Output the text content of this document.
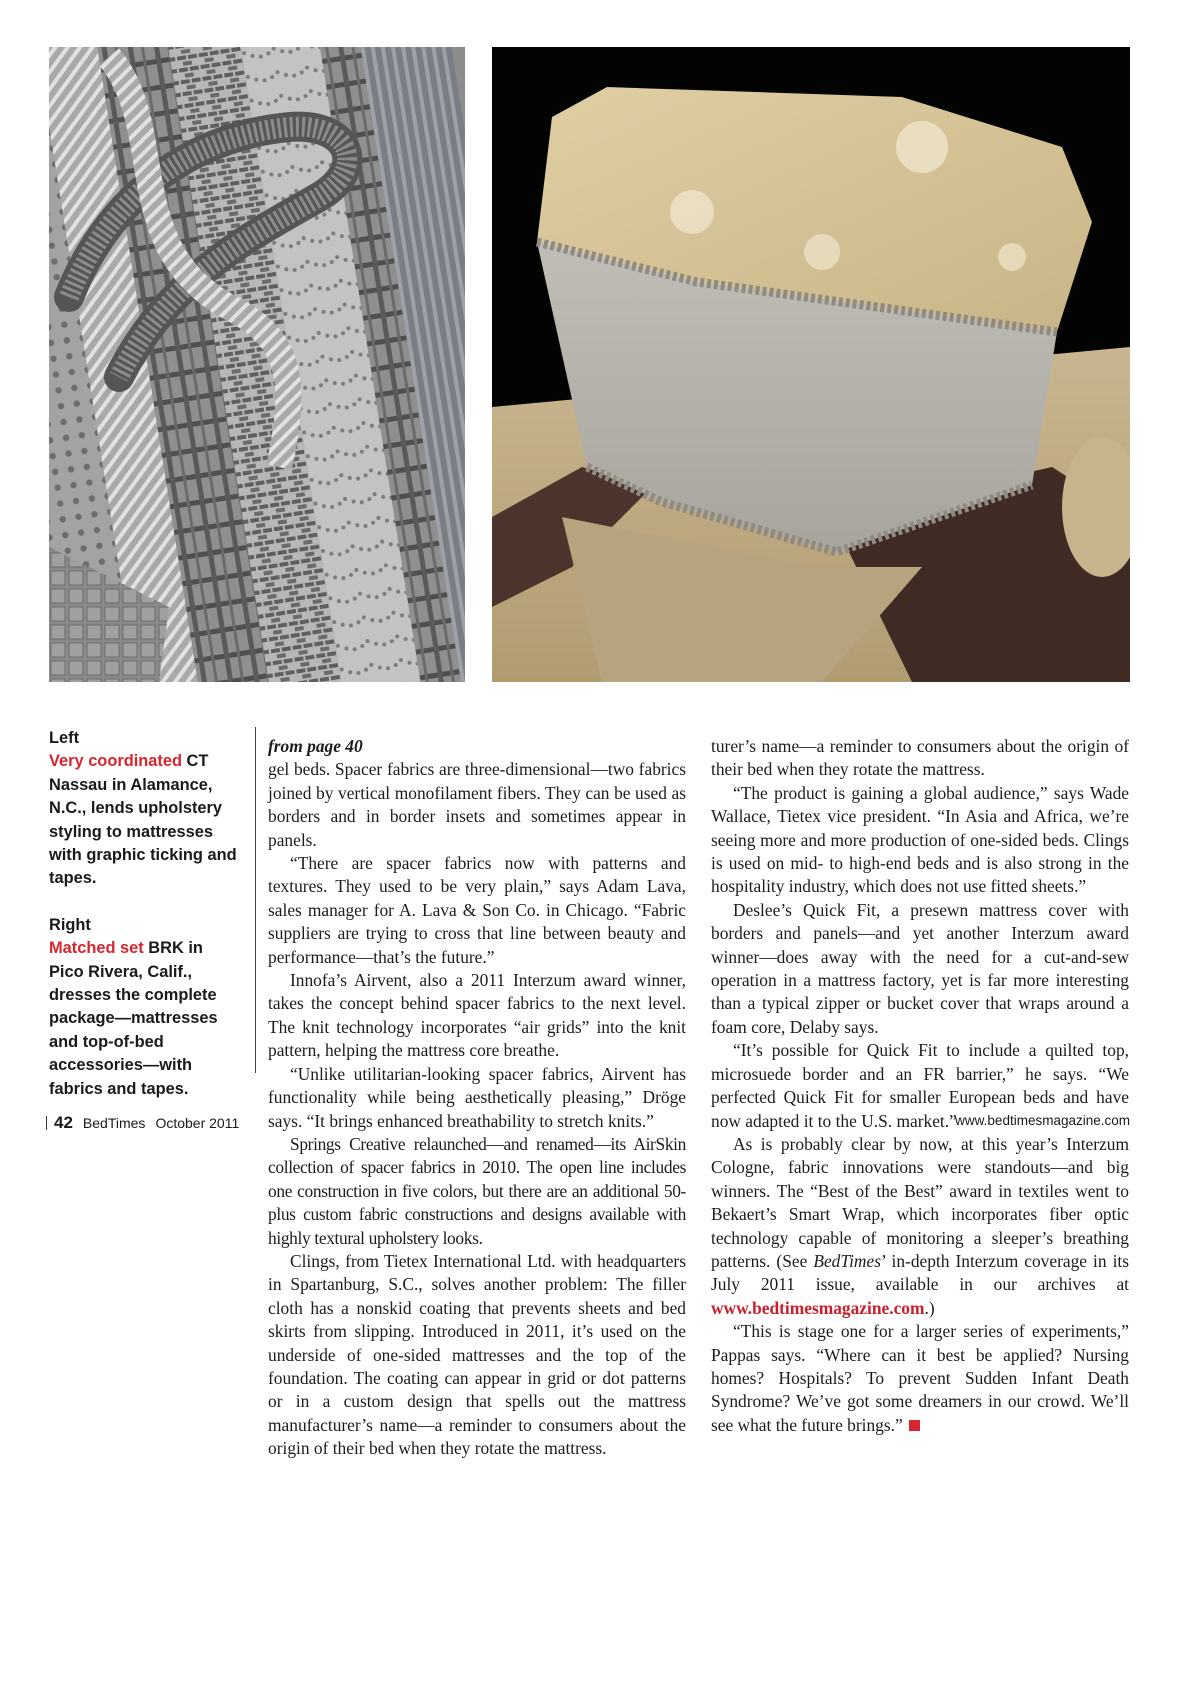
Left
Very coordinated CT Nassau in Alamance, N.C., lends upholstery styling to mattresses with graphic ticking and tapes.

Right
Matched set BRK in Pico Rivera, Calif., dresses the complete package—mattresses and top-of-bed accessories—with fabrics and tapes.

from page 40
gel beds. Spacer fabrics are three-dimensional—two fabrics joined by vertical monofilament fibers. They can be used as borders and in border insets and sometimes appear in panels.

“There are spacer fabrics now with patterns and textures. They used to be very plain,” says Adam Lava, sales manager for A. Lava & Son Co. in Chicago. “Fabric suppliers are trying to cross that line between beauty and performance—that’s the future.”

Innofa’s Airvent, also a 2011 Interzum award winner, takes the concept behind spacer fabrics to the next level. The knit technology incorporates “air grids” into the knit pattern, helping the mattress core breathe.

“Unlike utilitarian-looking spacer fabrics, Airvent has functionality while being aesthetically pleasing,” Dröge says. “It brings enhanced breathability to stretch knits.”

Springs Creative relaunched—and renamed—its AirSkin collection of spacer fabrics in 2010. The open line includes one construction in five colors, but there are an additional 50-plus custom fabric constructions and designs available with highly textural upholstery looks.

Clings, from Tietex International Ltd. with headquarters in Spartanburg, S.C., solves another problem: The filler cloth has a nonskid coating that prevents sheets and bed skirts from slipping. Introduced in 2011, it’s used on the underside of one-sided mattresses and the top of the foundation. The coating can appear in grid or dot patterns or in a custom design that spells out the mattress manufacturer’s name—a reminder to consumers about the origin of their bed when they rotate the mattress.

turer’s name—a reminder to consumers about the origin of their bed when they rotate the mattress.

“The product is gaining a global audience,” says Wade Wallace, Tietex vice president. “In Asia and Africa, we’re seeing more and more production of one-sided beds. Clings is used on mid- to high-end beds and is also strong in the hospitality industry, which does not use fitted sheets.”

Deslee’s Quick Fit, a presewn mattress cover with borders and panels—and yet another Interzum award winner—does away with the need for a cut-and-sew operation in a mattress factory, yet is far more interesting than a typical zipper or bucket cover that wraps around a foam core, Delaby says.

“It’s possible for Quick Fit to include a quilted top, microsuede border and an FR barrier,” he says. “We perfected Quick Fit for smaller European beds and have now adapted it to the U.S. market.”

As is probably clear by now, at this year’s Interzum Cologne, fabric innovations were standouts—and big winners. The “Best of the Best” award in textiles went to Bekaert’s Smart Wrap, which incorporates fiber optic technology capable of monitoring a sleeper’s breathing patterns. (See BedTimes’ in-depth Interzum coverage in its July 2011 issue, available in our archives at www.bedtimesmagazine.com.)

“This is stage one for a larger series of experiments,” Pappas says. “Where can it best be applied? Nursing homes? Hospitals? To prevent Sudden Infant Death Syndrome? We’ve got some dreamers in our crowd. We’ll see what the future brings.”

42 BedTimes October 2011	www.bedtimesmagazine.com
